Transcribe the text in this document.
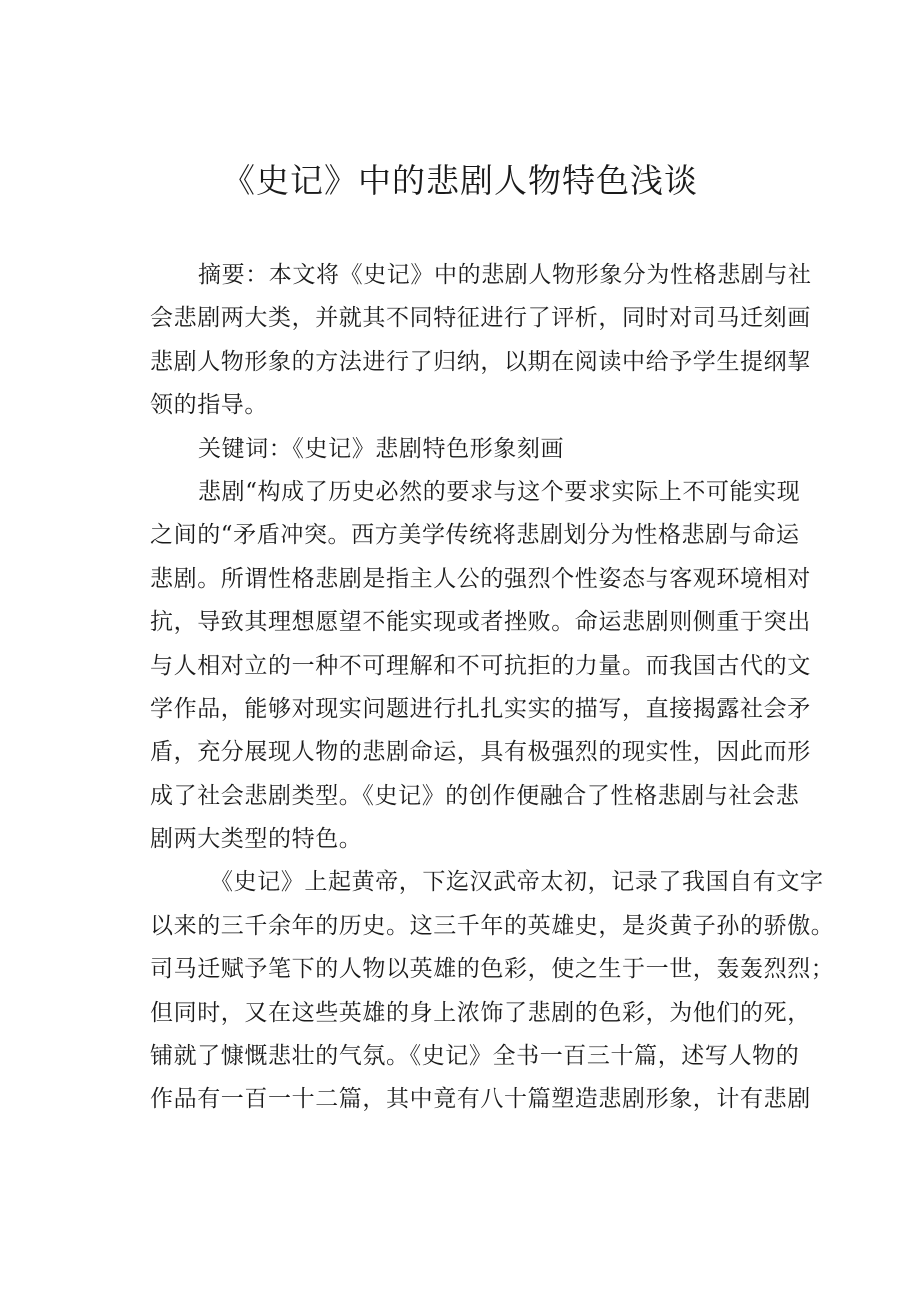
《史记》中的悲剧人物特色浅谈
摘要：本文将《史记》中的悲剧人物形象分为性格悲剧与社
会悲剧两大类，并就其不同特征进行了评析，同时对司马迁刻画
悲剧人物形象的方法进行了归纳，以期在阅读中给予学生提纲挈
领的指导。
关键词：《史记》悲剧特色形象刻画
悲剧“构成了历史必然的要求与这个要求实际上不可能实现
之间的“矛盾冲突。西方美学传统将悲剧划分为性格悲剧与命运
悲剧。所谓性格悲剧是指主人公的强烈个性姿态与客观环境相对
抗，导致其理想愿望不能实现或者挫败。命运悲剧则侧重于突出
与人相对立的一种不可理解和不可抗拒的力量。而我国古代的文
学作品，能够对现实问题进行扎扎实实的描写，直接揭露社会矛
盾，充分展现人物的悲剧命运，具有极强烈的现实性，因此而形
成了社会悲剧类型。《史记》的创作便融合了性格悲剧与社会悲
剧两大类型的特色。
《史记》上起黄帝，下迄汉武帝太初，记录了我国自有文字
以来的三千余年的历史。这三千年的英雄史，是炎黄子孙的骄傲。
司马迁赋予笔下的人物以英雄的色彩，使之生于一世，轰轰烈烈；
但同时，又在这些英雄的身上浓饰了悲剧的色彩，为他们的死，
铺就了慷慨悲壮的气氛。《史记》全书一百三十篇，述写人物的
作品有一百一十二篇，其中竟有八十篇塑造悲剧形象，计有悲剧
